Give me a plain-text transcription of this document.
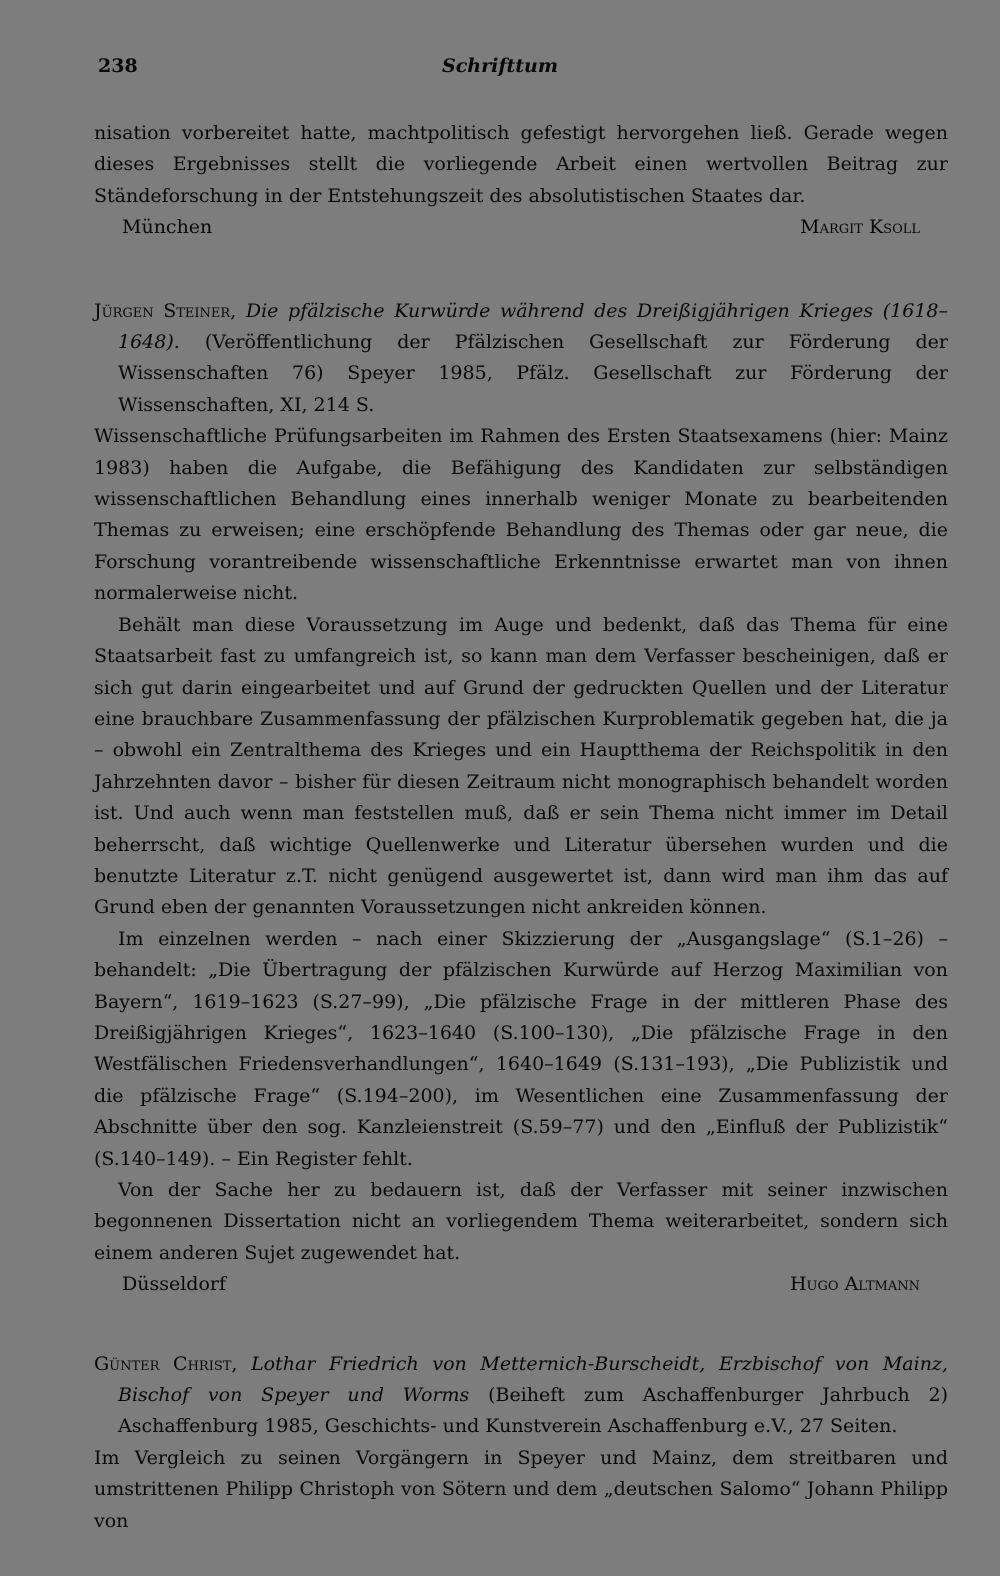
238	Schrifttum

nisation vorbereitet hatte, machtpolitisch gefestigt hervorgehen ließ. Gerade wegen dieses Ergebnisses stellt die vorliegende Arbeit einen wertvollen Beitrag zur Ständeforschung in der Entstehungszeit des absolutistischen Staates dar.

München	Margit Ksoll

Jürgen Steiner, Die pfälzische Kurwürde während des Dreißigjährigen Krieges (1618–1648). (Veröffentlichung der Pfälzischen Gesellschaft zur Förderung der Wissenschaften 76) Speyer 1985, Pfälz. Gesellschaft zur Förderung der Wissenschaften, XI, 214 S.

Wissenschaftliche Prüfungsarbeiten im Rahmen des Ersten Staatsexamens (hier: Mainz 1983) haben die Aufgabe, die Befähigung des Kandidaten zur selbständigen wissenschaftlichen Behandlung eines innerhalb weniger Monate zu bearbeitenden Themas zu erweisen; eine erschöpfende Behandlung des Themas oder gar neue, die Forschung vorantreibende wissenschaftliche Erkenntnisse erwartet man von ihnen normalerweise nicht.

Behält man diese Voraussetzung im Auge und bedenkt, daß das Thema für eine Staatsarbeit fast zu umfangreich ist, so kann man dem Verfasser bescheinigen, daß er sich gut darin eingearbeitet und auf Grund der gedruckten Quellen und der Literatur eine brauchbare Zusammenfassung der pfälzischen Kurproblematik gegeben hat, die ja – obwohl ein Zentralthema des Krieges und ein Hauptthema der Reichspolitik in den Jahrzehnten davor – bisher für diesen Zeitraum nicht monographisch behandelt worden ist. Und auch wenn man feststellen muß, daß er sein Thema nicht immer im Detail beherrscht, daß wichtige Quellenwerke und Literatur übersehen wurden und die benutzte Literatur z.T. nicht genügend ausgewertet ist, dann wird man ihm das auf Grund eben der genannten Voraussetzungen nicht ankreiden können.

Im einzelnen werden – nach einer Skizzierung der „Ausgangslage“ (S.1–26) – behandelt: „Die Übertragung der pfälzischen Kurwürde auf Herzog Maximilian von Bayern“, 1619–1623 (S.27–99), „Die pfälzische Frage in der mittleren Phase des Dreißigjährigen Krieges“, 1623–1640 (S.100–130), „Die pfälzische Frage in den Westfälischen Friedensverhandlungen“, 1640–1649 (S.131–193), „Die Publizistik und die pfälzische Frage“ (S.194–200), im Wesentlichen eine Zusammenfassung der Abschnitte über den sog. Kanzleienstreit (S.59–77) und den „Einfluß der Publizistik“ (S.140–149). – Ein Register fehlt.

Von der Sache her zu bedauern ist, daß der Verfasser mit seiner inzwischen begonnenen Dissertation nicht an vorliegendem Thema weiterarbeitet, sondern sich einem anderen Sujet zugewendet hat.

Düsseldorf	Hugo Altmann

Günter Christ, Lothar Friedrich von Metternich-Burscheidt, Erzbischof von Mainz, Bischof von Speyer und Worms (Beiheft zum Aschaffenburger Jahrbuch 2) Aschaffenburg 1985, Geschichts- und Kunstverein Aschaffenburg e.V., 27 Seiten.

Im Vergleich zu seinen Vorgängern in Speyer und Mainz, dem streitbaren und umstrittenen Philipp Christoph von Sötern und dem „deutschen Salomo“ Johann Philipp von
